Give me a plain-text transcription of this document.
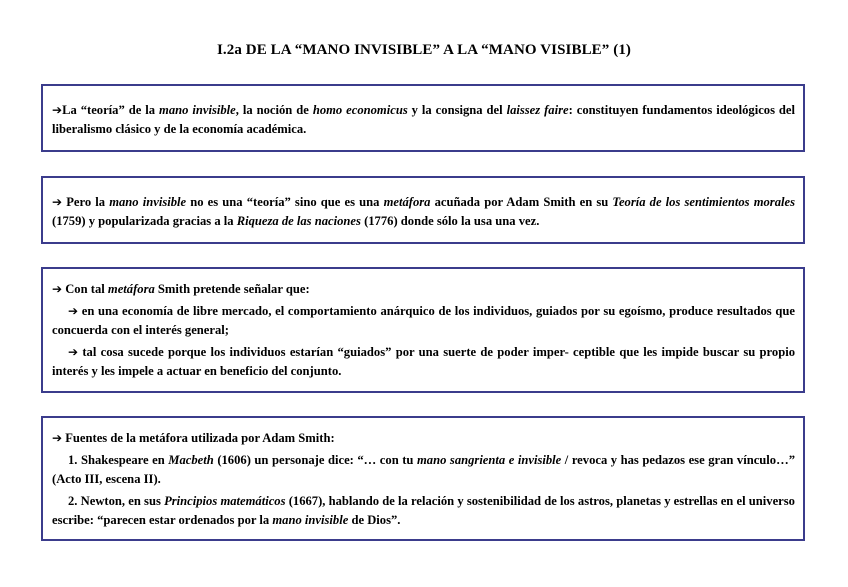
I.2a DE LA “MANO INVISIBLE” A LA “MANO VISIBLE” (1)

➔La “teoría” de la mano invisible, la noción de homo economicus y la consigna del laissez faire: constituyen fundamentos ideológicos del liberalismo clásico y de la economía académica.

➔ Pero la mano invisible no es una “teoría” sino que es una metáfora acuñada por Adam Smith en su Teoría de los sentimientos morales (1759) y popularizada gracias a la Riqueza de las naciones (1776) donde sólo la usa una vez.

➔ Con tal metáfora Smith pretende señalar que:

➔ en una economía de libre mercado, el comportamiento anárquico de los individuos, guiados por su egoísmo, produce resultados que concuerda con el interés general;

➔ tal cosa sucede porque los individuos estarían “guiados” por una suerte de poder imper- ceptible que les impide buscar su propio interés y les impele a actuar en beneficio del conjunto.

➔ Fuentes de la metáfora utilizada por Adam Smith:

1. Shakespeare en Macbeth (1606) un personaje dice: “… con tu mano sangrienta e invisible / revoca y has pedazos ese gran vínculo…” (Acto III, escena II).

2. Newton, en sus Principios matemáticos (1667), hablando de la relación y sostenibilidad de los astros, planetas y estrellas en el universo escribe: “parecen estar ordenados por la mano invisible de Dios”.
